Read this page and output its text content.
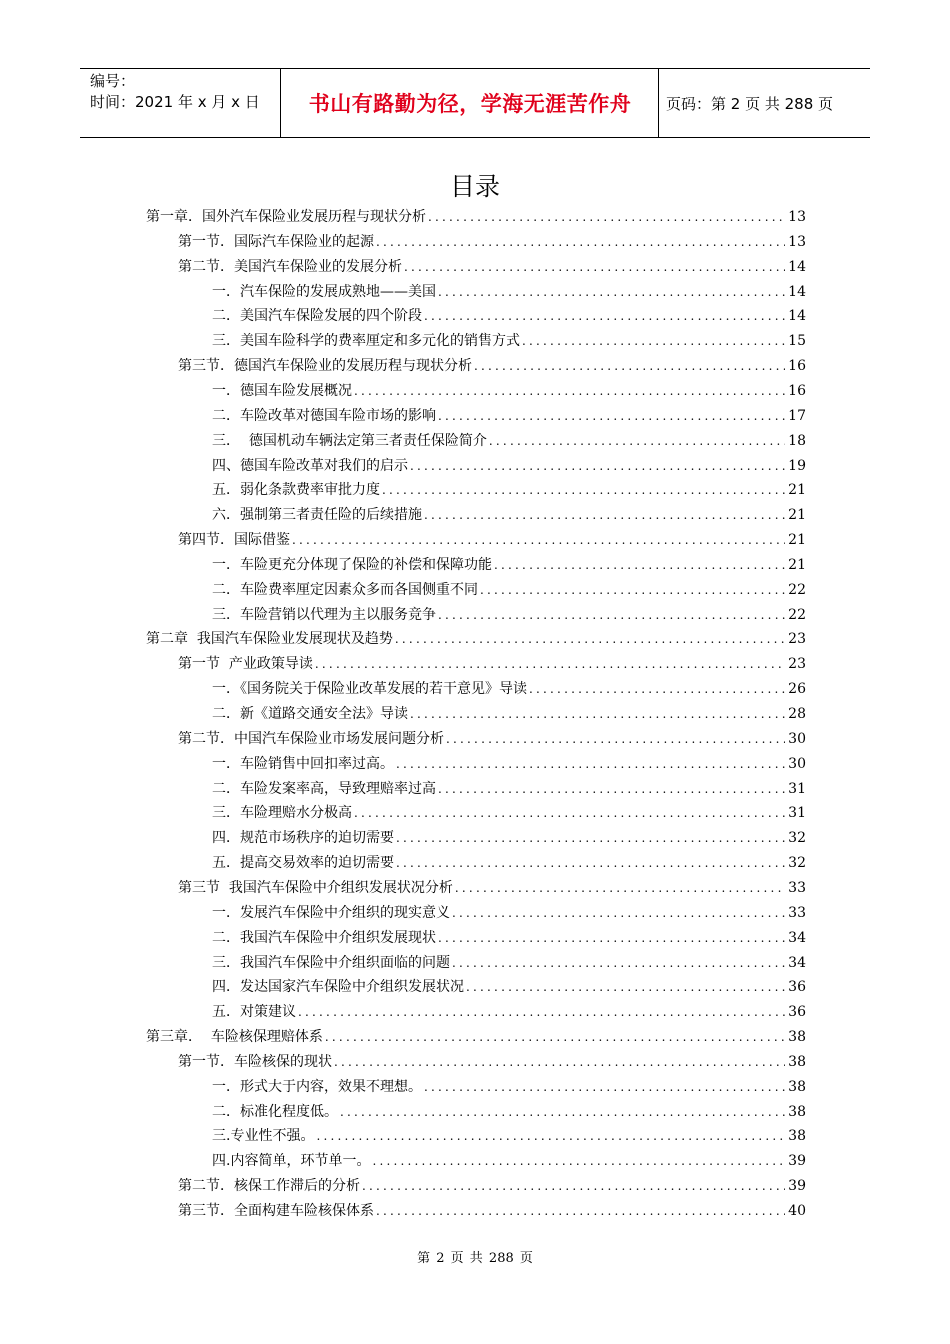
编号：
时间：2021 年 x 月 x 日	书山有路勤为径，学海无涯苦作舟	页码：第 2 页 共 288 页
目录
第一章．国外汽车保险业发展历程与现状分析 .....	13
第一节．国际汽车保险业的起源 .....	13
第二节．美国汽车保险业的发展分析 .....	14
一．汽车保险的发展成熟地——美国 .....	14
二．美国汽车保险发展的四个阶段 .....	14
三．美国车险科学的费率厘定和多元化的销售方式 .....	15
第三节．德国汽车保险业的发展历程与现状分析 .....	16
一．德国车险发展概况 .....	16
二．车险改革对德国车险市场的影响 .....	17
三．  德国机动车辆法定第三者责任保险简介 .....	18
四、德国车险改革对我们的启示 .....	19
五．弱化条款费率审批力度 .....	21
六．强制第三者责任险的后续措施 .....	21
第四节．国际借鉴 .....	21
一．车险更充分体现了保险的补偿和保障功能 .....	21
二．车险费率厘定因素众多而各国侧重不同 .....	22
三．车险营销以代理为主以服务竞争 .....	22
第二章  我国汽车保险业发展现状及趋势 .....	23
第一节  产业政策导读 .....	23
一．《国务院关于保险业改革发展的若干意见》导读 .....	26
二．新《道路交通安全法》导读 .....	28
第二节．中国汽车保险业市场发展问题分析 .....	30
一．车险销售中回扣率过高。 .....	30
二．车险发案率高，导致理赔率过高 .....	31
三．车险理赔水分极高 .....	31
四．规范市场秩序的迫切需要 .....	32
五．提高交易效率的迫切需要 .....	32
第三节  我国汽车保险中介组织发展状况分析 .....	33
一．发展汽车保险中介组织的现实意义 .....	33
二．我国汽车保险中介组织发展现状 .....	34
三．我国汽车保险中介组织面临的问题 .....	34
四．发达国家汽车保险中介组织发展状况 .....	36
五．对策建议 .....	36
第三章．  车险核保理赔体系 .....	38
第一节．车险核保的现状 .....	38
一．形式大于内容，效果不理想。 .....	38
二．标准化程度低。 .....	38
三.专业性不强。 .....	38
四.内容简单，环节单一。 .....	39
第二节．核保工作滞后的分析 .....	39
第三节．全面构建车险核保体系 .....	40
第 2 页 共 288 页
